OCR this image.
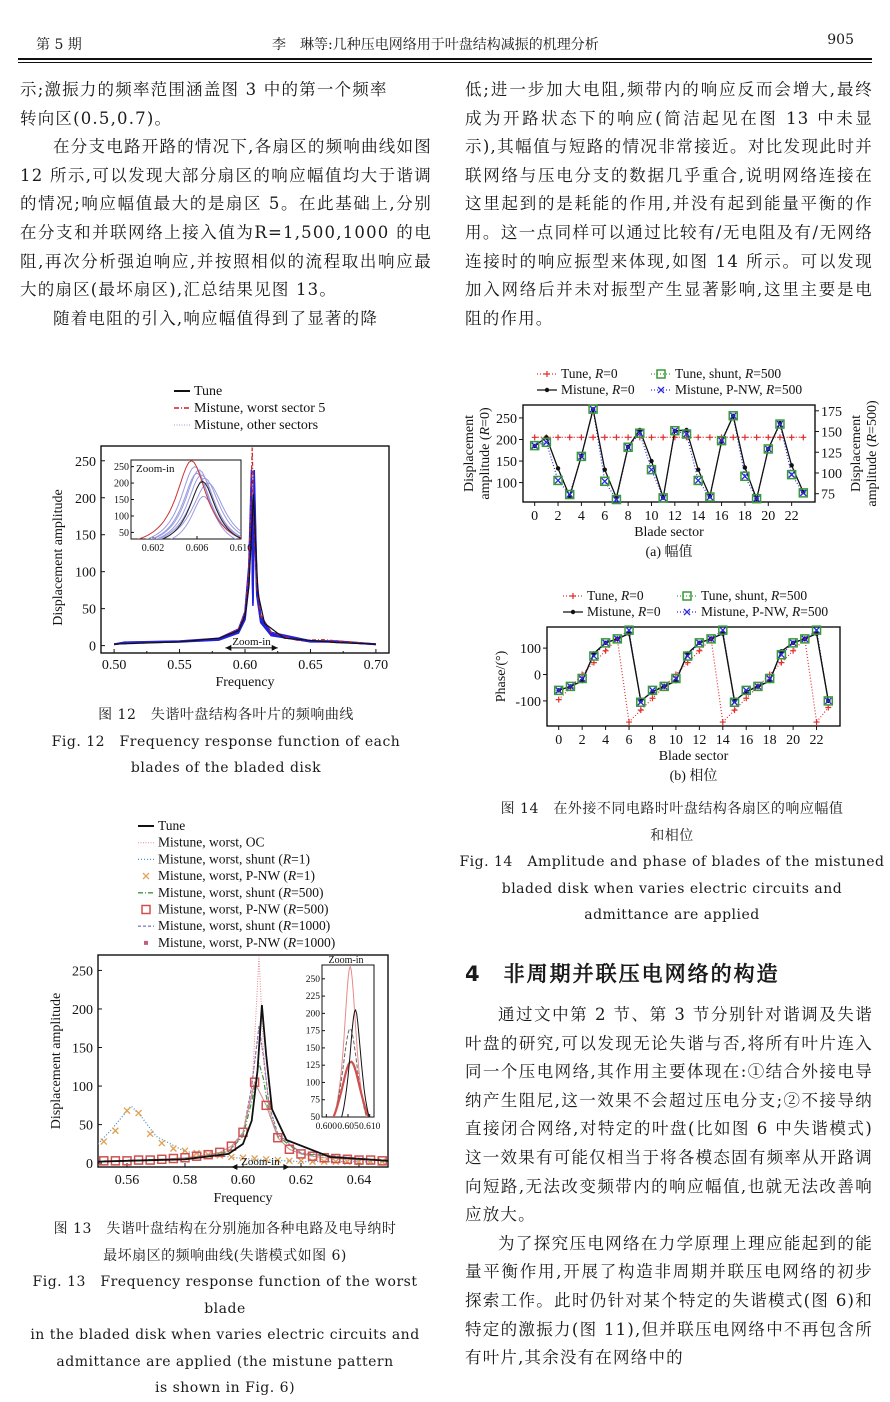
第 5 期	李　琳等:几种压电网络用于叶盘结构减振的机理分析	905

示;激振力的频率范围涵盖图 3 中的第一个频率

转向区(0.5,0.7)。

在分支电路开路的情况下,各扇区的频响曲线如图 12 所示,可以发现大部分扇区的响应幅值均大于谐调的情况;响应幅值最大的是扇区 5。在此基础上,分别在分支和并联网络上接入值为R=1,500,1000 的电阻,再次分析强迫响应,并按照相似的流程取出响应最大的扇区(最坏扇区),汇总结果见图 13。

随着电阻的引入,响应幅值得到了显著的降

低;进一步加大电阻,频带内的响应反而会增大,最终成为开路状态下的响应(简洁起见在图 13 中未显示),其幅值与短路的情况非常接近。对比发现此时并联网络与压电分支的数据几乎重合,说明网络连接在这里起到的是耗能的作用,并没有起到能量平衡的作用。这一点同样可以通过比较有/无电阻及有/无网络连接时的响应振型来体现,如图 14 所示。可以发现加入网络后并未对振型产生显著影响,这里主要是电阻的作用。

Tune
Mistune, worst sector 5
Mistune, other sectors
0.50	0.55	0.60	0.65	0.70
0
50
100
150
200
250
Frequency
Displacement amplitude
Zoom-in
0.602 0.606 0.610
50
100
150
200
250 Zoom-in
图 12　失谐叶盘结构各叶片的频响曲线
Fig. 12　Frequency response function of each
blades of the bladed disk
Tune
Mistune, worst, OC
Mistune, worst, shunt (R=1)
Mistune, worst, P-NW (R=1)
Mistune, worst, shunt (R=500)
Mistune, worst, P-NW (R=500)
Mistune, worst, shunt (R=1000)
Mistune, worst, P-NW (R=1000)
0.56 0.58 0.60 0.62 0.64
0
50
100
150
200
250
Frequency
Displacement amplitude
Zoom-in
Zoom-in
0.600 0.605 0.610
50
75
100
125
150
175
200
225
250
图 13　失谐叶盘结构在分别施加各种电路及电导纳时
最坏扇区的频响曲线(失谐模式如图 6)
Fig. 13　Frequency response function of the worst blade
in the bladed disk when varies electric circuits and
admittance are applied (the mistune pattern
is shown in Fig. 6)
Tune, R=0	Tune, shunt, R=500
Mistune, R=0	Mistune, P-NW, R=500
0 2 4 6 8 10 12 14 16 18 20 22
100
150
200
250
Blade sector
(a) 幅值
75
100
125
150
175
Displacement amplitude (R=0)
Displacement amplitude (R=500)
Tune, R=0	Tune, shunt, R=500
Mistune, R=0	Mistune, P-NW, R=500
0 2 4 6 8 10 12 14 16 18 20 22
-100
0
100
Blade sector
(b) 相位
Phase/(°)
图 14　在外接不同电路时叶盘结构各扇区的响应幅值
和相位
Fig. 14　Amplitude and phase of blades of the mistuned
bladed disk when varies electric circuits and
admittance are applied
4 非周期并联压电网络的构造

通过文中第 2 节、第 3 节分别针对谐调及失谐叶盘的研究,可以发现无论失谐与否,将所有叶片连入同一个压电网络,其作用主要体现在:①结合外接电导纳产生阻尼,这一效果不会超过压电分支;②不接导纳直接闭合网络,对特定的叶盘(比如图 6 中失谐模式)这一效果有可能仅相当于将各模态固有频率从开路调向短路,无法改变频带内的响应幅值,也就无法改善响应放大。

为了探究压电网络在力学原理上理应能起到的能量平衡作用,开展了构造非周期并联压电网络的初步探索工作。此时仍针对某个特定的失谐模式(图 6)和特定的激振力(图 11),但并联压电网络中不再包含所有叶片,其余没有在网络中的
